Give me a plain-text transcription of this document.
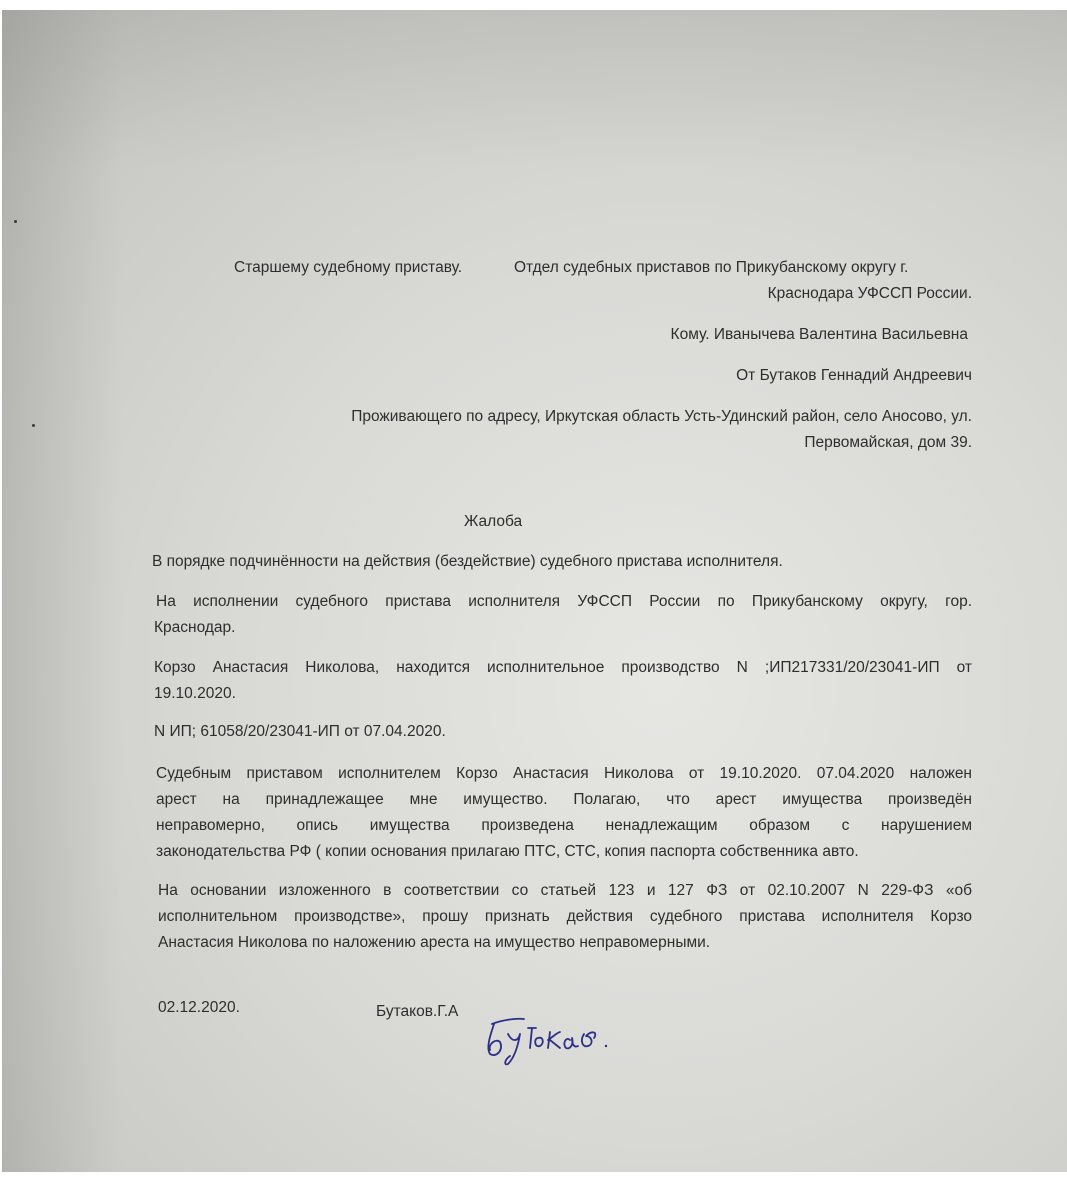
Старшему судебному приставу.	Отдел судебных приставов по Прикубанскому округу г.
Краснодара УФССП России.
Кому. Иванычева Валентина Васильевна
От Бутаков Геннадий Андреевич
Проживающего по адресу, Иркутская область Усть-Удинский район, село Аносово, ул.
Первомайская, дом 39.
Жалоба
В порядке подчинённости на действия (бездействие) судебного пристава исполнителя.
На исполнении судебного пристава исполнителя УФССП России по Прикубанскому округу, гор.
Краснодар.
Корзо Анастасия Николова, находится исполнительное производство N ;ИП217331/20/23041-ИП от
19.10.2020.
N ИП; 61058/20/23041-ИП от 07.04.2020.
Судебным приставом исполнителем Корзо Анастасия Николова от 19.10.2020. 07.04.2020 наложен
арест на принадлежащее мне имущество. Полагаю, что арест имущества произведён
неправомерно, опись имущества произведена ненадлежащим образом с нарушением
законодательства РФ ( копии основания прилагаю ПТС, СТС, копия паспорта собственника авто.
На основании изложенного в соответствии со статьей 123 и 127 ФЗ от 02.10.2007 N 229-ФЗ «об
исполнительном производстве», прошу признать действия судебного пристава исполнителя Корзо
Анастасия Николова по наложению ареста на имущество неправомерными.
02.12.2020.	Бутаков.Г.А
